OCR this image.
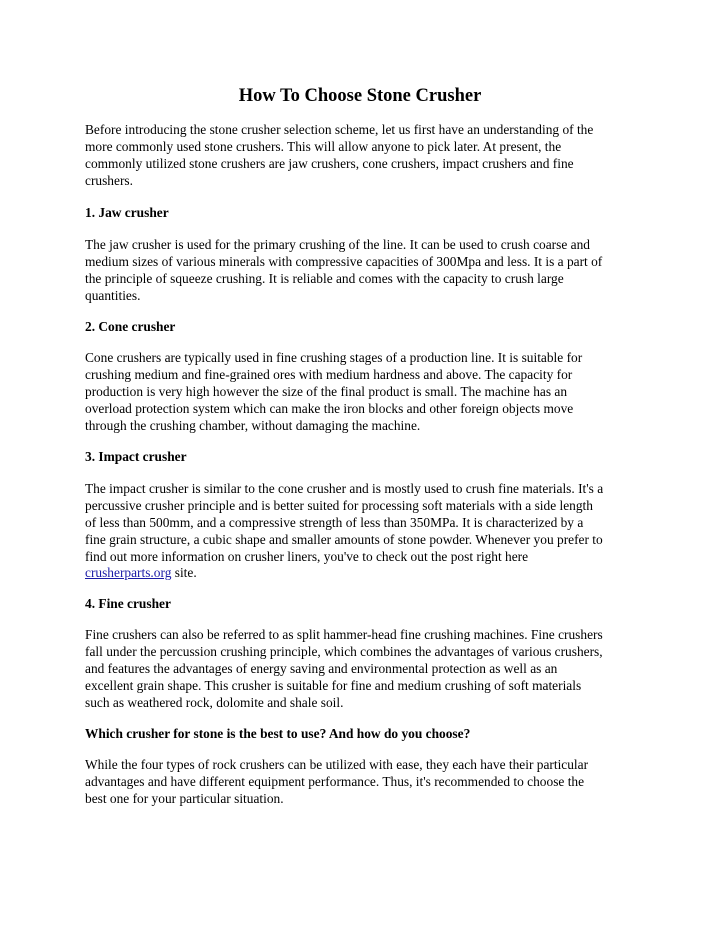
How To Choose Stone Crusher
Before introducing the stone crusher selection scheme, let us first have an understanding of the
more commonly used stone crushers. This will allow anyone to pick later. At present, the
commonly utilized stone crushers are jaw crushers, cone crushers, impact crushers and fine
crushers.
1. Jaw crusher
The jaw crusher is used for the primary crushing of the line. It can be used to crush coarse and
medium sizes of various minerals with compressive capacities of 300Mpa and less. It is a part of
the principle of squeeze crushing. It is reliable and comes with the capacity to crush large
quantities.
2. Cone crusher
Cone crushers are typically used in fine crushing stages of a production line. It is suitable for
crushing medium and fine-grained ores with medium hardness and above. The capacity for
production is very high however the size of the final product is small. The machine has an
overload protection system which can make the iron blocks and other foreign objects move
through the crushing chamber, without damaging the machine.
3. Impact crusher
The impact crusher is similar to the cone crusher and is mostly used to crush fine materials. It's a
percussive crusher principle and is better suited for processing soft materials with a side length
of less than 500mm, and a compressive strength of less than 350MPa. It is characterized by a
fine grain structure, a cubic shape and smaller amounts of stone powder. Whenever you prefer to
find out more information on crusher liners, you've to check out the post right here
crusherparts.org site.
4. Fine crusher
Fine crushers can also be referred to as split hammer-head fine crushing machines. Fine crushers
fall under the percussion crushing principle, which combines the advantages of various crushers,
and features the advantages of energy saving and environmental protection as well as an
excellent grain shape. This crusher is suitable for fine and medium crushing of soft materials
such as weathered rock, dolomite and shale soil.
Which crusher for stone is the best to use? And how do you choose?
While the four types of rock crushers can be utilized with ease, they each have their particular
advantages and have different equipment performance. Thus, it's recommended to choose the
best one for your particular situation.
